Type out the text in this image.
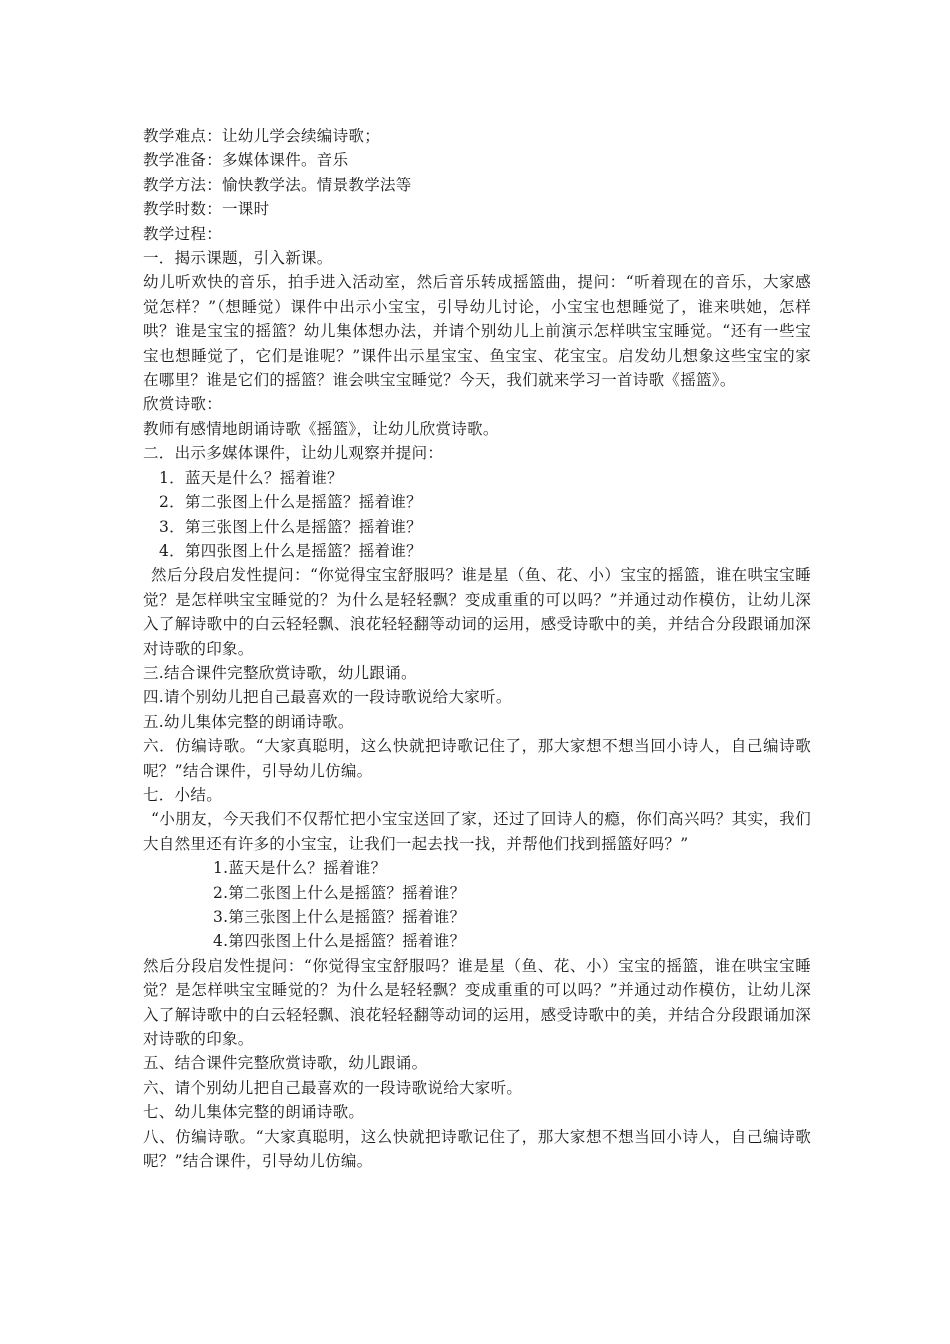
教学难点：让幼儿学会续编诗歌；
教学准备：多媒体课件。音乐
教学方法：愉快教学法。情景教学法等
教学时数：一课时
教学过程：
一．揭示课题，引入新课。
幼儿听欢快的音乐，拍手进入活动室，然后音乐转成摇篮曲，提问：“听着现在的音乐，大家感觉怎样？”（想睡觉）课件中出示小宝宝，引导幼儿讨论，小宝宝也想睡觉了，谁来哄她，怎样哄？谁是宝宝的摇篮？幼儿集体想办法，并请个别幼儿上前演示怎样哄宝宝睡觉。“还有一些宝宝也想睡觉了，它们是谁呢？”课件出示星宝宝、鱼宝宝、花宝宝。启发幼儿想象这些宝宝的家在哪里？谁是它们的摇篮？谁会哄宝宝睡觉？今天，我们就来学习一首诗歌《摇篮》。
欣赏诗歌：
教师有感情地朗诵诗歌《摇篮》，让幼儿欣赏诗歌。
二．出示多媒体课件，让幼儿观察并提问：
1．蓝天是什么？摇着谁？
2．第二张图上什么是摇篮？摇着谁？
3．第三张图上什么是摇篮？摇着谁？
4．第四张图上什么是摇篮？摇着谁？
然后分段启发性提问：“你觉得宝宝舒服吗？谁是星（鱼、花、小）宝宝的摇篮，谁在哄宝宝睡觉？是怎样哄宝宝睡觉的？为什么是轻轻飘？变成重重的可以吗？”并通过动作模仿，让幼儿深入了解诗歌中的白云轻轻飘、浪花轻轻翻等动词的运用，感受诗歌中的美，并结合分段跟诵加深对诗歌的印象。
三.结合课件完整欣赏诗歌，幼儿跟诵。
四.请个别幼儿把自己最喜欢的一段诗歌说给大家听。
五.幼儿集体完整的朗诵诗歌。
六．仿编诗歌。“大家真聪明，这么快就把诗歌记住了，那大家想不想当回小诗人，自己编诗歌呢？”结合课件，引导幼儿仿编。
七．小结。
“小朋友，今天我们不仅帮忙把小宝宝送回了家，还过了回诗人的瘾，你们高兴吗？其实，我们大自然里还有许多的小宝宝，让我们一起去找一找，并帮他们找到摇篮好吗？”
1.蓝天是什么？摇着谁？
2.第二张图上什么是摇篮？摇着谁？
3.第三张图上什么是摇篮？摇着谁？
4.第四张图上什么是摇篮？摇着谁？
然后分段启发性提问：“你觉得宝宝舒服吗？谁是星（鱼、花、小）宝宝的摇篮，谁在哄宝宝睡觉？是怎样哄宝宝睡觉的？为什么是轻轻飘？变成重重的可以吗？”并通过动作模仿，让幼儿深入了解诗歌中的白云轻轻飘、浪花轻轻翻等动词的运用，感受诗歌中的美，并结合分段跟诵加深对诗歌的印象。
五、结合课件完整欣赏诗歌，幼儿跟诵。
六、请个别幼儿把自己最喜欢的一段诗歌说给大家听。
七、幼儿集体完整的朗诵诗歌。
八、仿编诗歌。“大家真聪明，这么快就把诗歌记住了，那大家想不想当回小诗人，自己编诗歌呢？”结合课件，引导幼儿仿编。
